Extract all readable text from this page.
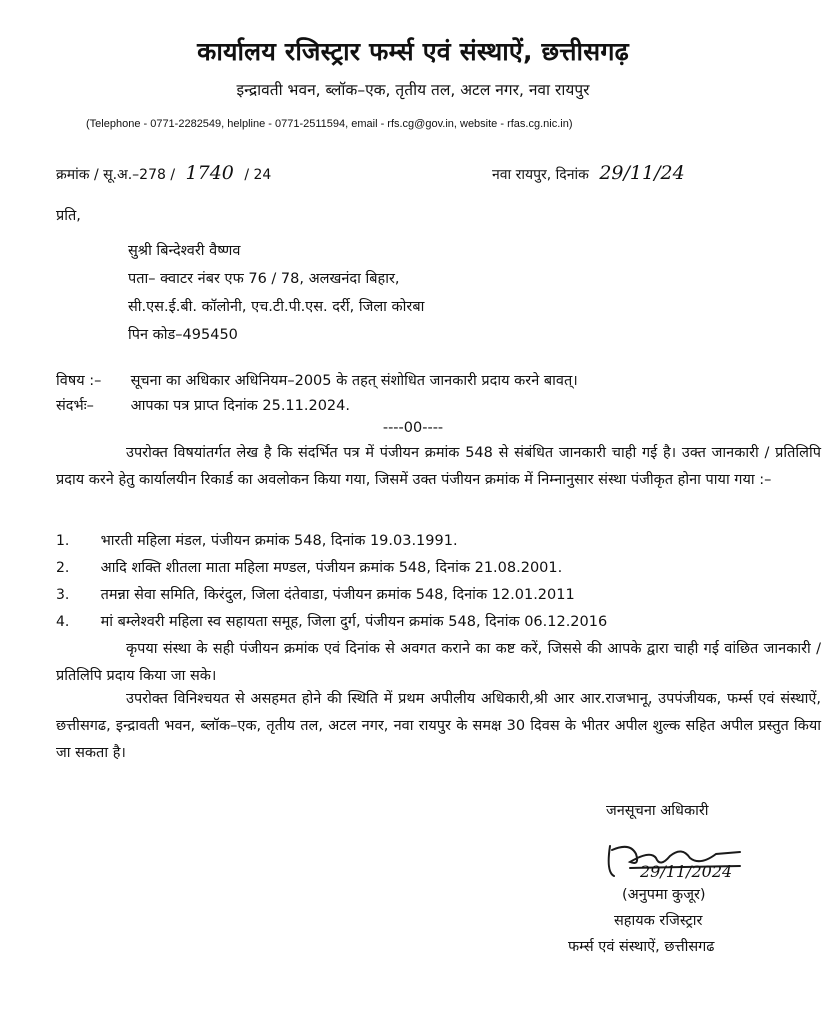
कार्यालय रजिस्ट्रार फर्म्स एवं संस्थाऐं, छत्तीसगढ़
इन्द्रावती भवन, ब्लॉक–एक, तृतीय तल, अटल नगर, नवा रायपुर
(Telephone - 0771-2282549, helpline - 0771-2511594, email - rfs.cg@gov.in, website - rfas.cg.nic.in)
क्रमांक / सू.अ.–278 / 1740 / 24	नवा रायपुर, दिनांक 29/11/24
प्रति,
सुश्री बिन्देश्वरी वैष्णव
पता– क्वाटर नंबर एफ 76 / 78, अलखनंदा बिहार,
सी.एस.ई.बी. कॉलोनी, एच.टी.पी.एस. दर्री, जिला कोरबा
पिन कोड–495450
विषय :– सूचना का अधिकार अधिनियम–2005 के तहत् संशोधित जानकारी प्रदाय करने बावत्।
संदर्भः–	आपका पत्र प्राप्त दिनांक 25.11.2024.
----00----
उपरोक्त विषयांतर्गत लेख है कि संदर्भित पत्र में पंजीयन क्रमांक 548 से संबंधित जानकारी चाही गई है। उक्त जानकारी / प्रतिलिपि प्रदाय करने हेतु कार्यालयीन रिकार्ड का अवलोकन किया गया, जिसमें उक्त पंजीयन क्रमांक में निम्नानुसार संस्था पंजीकृत होना पाया गया :–
1. भारती महिला मंडल, पंजीयन क्रमांक 548, दिनांक 19.03.1991.
2. आदि शक्ति शीतला माता महिला मण्डल, पंजीयन क्रमांक 548, दिनांक 21.08.2001.
3. तमन्ना सेवा समिति, किरंदुल, जिला दंतेवाडा, पंजीयन क्रमांक 548, दिनांक 12.01.2011
4. मां बम्लेश्वरी महिला स्व सहायता समूह, जिला दुर्ग, पंजीयन क्रमांक 548, दिनांक 06.12.2016
कृपया संस्था के सही पंजीयन क्रमांक एवं दिनांक से अवगत कराने का कष्ट करें, जिससे की आपके द्वारा चाही गई वांछित जानकारी / प्रतिलिपि प्रदाय किया जा सके।
उपरोक्त विनिश्चयत से असहमत होने की स्थिति में प्रथम अपीलीय अधिकारी,श्री आर आर.राजभानू, उपपंजीयक, फर्म्स एवं संस्थाऐं, छत्तीसगढ, इन्द्रावती भवन, ब्लॉक–एक, तृतीय तल, अटल नगर, नवा रायपुर के समक्ष 30 दिवस के भीतर अपील शुल्क सहित अपील प्रस्तुत किया जा सकता है।
जनसूचना अधिकारी
29/11/2024
(अनुपमा कुजूर)
सहायक रजिस्ट्रार
फर्म्स एवं संस्थाऐं, छत्तीसगढ
